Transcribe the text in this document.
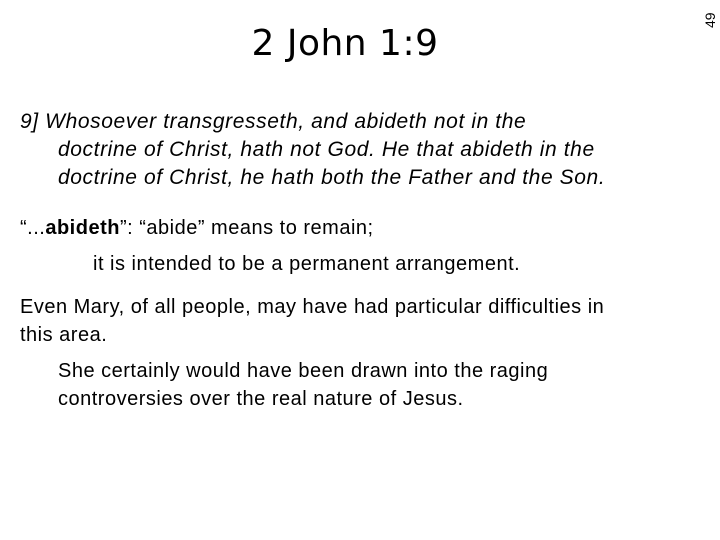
2 John 1:9
49
9] Whosoever transgresseth, and abideth not in the
doctrine of Christ, hath not God. He that abideth in the
doctrine of Christ, he hath both the Father and the Son.
“...abideth”: “abide” means to remain;
it is intended to be a permanent arrangement.
Even Mary, of all people, may have had particular difficulties in
this area.
She certainly would have been drawn into the raging
controversies over the real nature of Jesus.
